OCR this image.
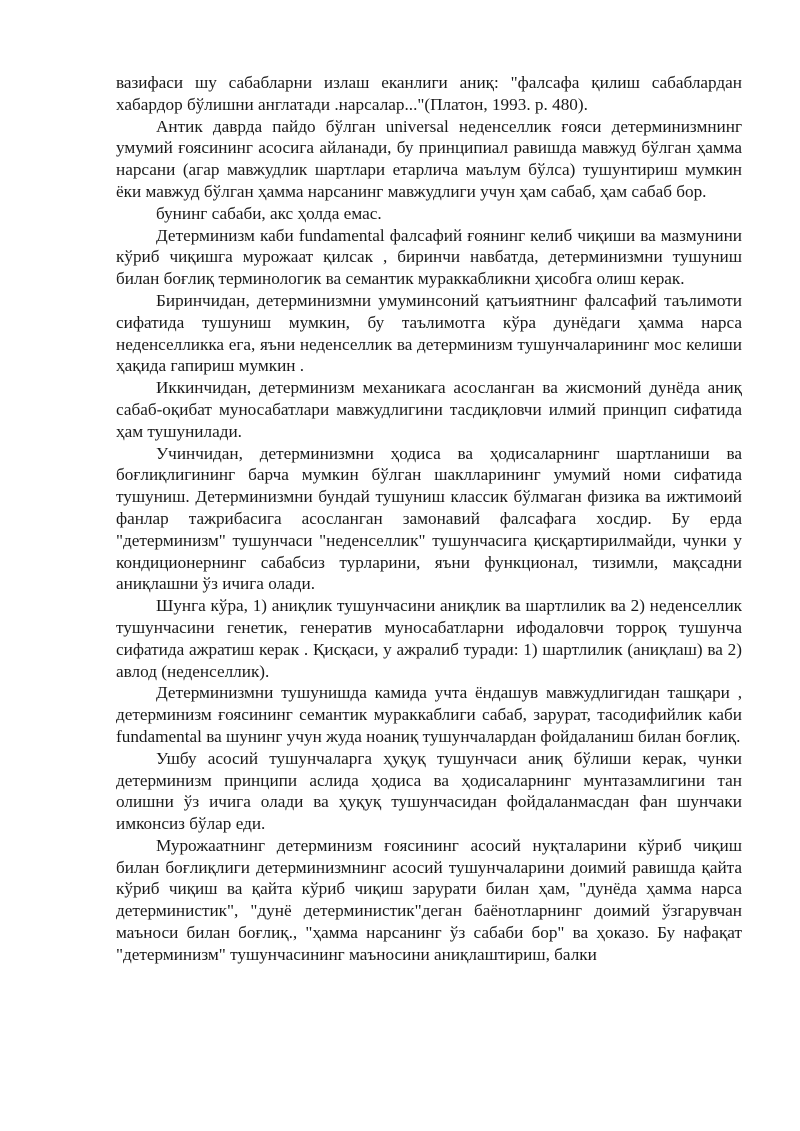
вазифаси шу сабабларни излаш еканлиги аниқ: "фалсафа қилиш сабаблардан хабардор бўлишни англатади .нарсалар..."(Платон, 1993. p. 480).

Антик даврда пайдо бўлган universal неденселлик ғояси детерминизмнинг умумий ғоясининг асосига айланади, бу принципиал равишда мавжуд бўлган ҳамма нарсани (агар мавжудлик шартлари етарлича маълум бўлса) тушунтириш мумкин ёки мавжуд бўлган ҳамма нарсанинг мавжудлиги учун ҳам сабаб, ҳам сабаб бор.

бунинг сабаби, акс ҳолда емас.

Детерминизм каби fundamental фалсафий ғоянинг келиб чиқиши ва мазмунини кўриб чиқишга мурожаат қилсак , биринчи навбатда, детерминизмни тушуниш билан боғлиқ терминологик ва семантик мураккабликни ҳисобга олиш керак.

Биринчидан, детерминизмни умуминсоний қатъиятнинг фалсафий таълимоти сифатида тушуниш мумкин, бу таълимотга кўра дунёдаги ҳамма нарса неденселликка ега, яъни неденселлик ва детерминизм тушунчаларининг мос келиши ҳақида гапириш мумкин .

Иккинчидан, детерминизм механикага асосланган ва жисмоний дунёда аниқ сабаб-оқибат муносабатлари мавжудлигини тасдиқловчи илмий принцип сифатида ҳам тушунилади.

Учинчидан, детерминизмни ҳодиса ва ҳодисаларнинг шартланиши ва боғлиқлигининг барча мумкин бўлган шаклларининг умумий номи сифатида тушуниш. Детерминизмни бундай тушуниш классик бўлмаган физика ва ижтимоий фанлар тажрибасига асосланган замонавий фалсафага хосдир. Бу ерда "детерминизм" тушунчаси "неденселлик" тушунчасига қисқартирилмайди, чунки у кондиционернинг сабабсиз турларини, яъни функционал, тизимли, мақсадни аниқлашни ўз ичига олади.

Шунга кўра, 1) аниқлик тушунчасини аниқлик ва шартлилик ва 2) неденселлик тушунчасини генетик, генератив муносабатларни ифодаловчи торроқ тушунча сифатида ажратиш керак . Қисқаси, у ажралиб туради: 1) шартлилик (аниқлаш) ва 2) авлод (неденселлик).

Детерминизмни тушунишда камида учта ёндашув мавжудлигидан ташқари , детерминизм ғоясининг семантик мураккаблиги сабаб, зарурат, тасодифийлик каби fundamental ва шунинг учун жуда ноаниқ тушунчалардан фойдаланиш билан боғлиқ.

Ушбу асосий тушунчаларга ҳуқуқ тушунчаси аниқ бўлиши керак, чунки детерминизм принципи аслида ҳодиса ва ҳодисаларнинг мунтазамлигини тан олишни ўз ичига олади ва ҳуқуқ тушунчасидан фойдаланмасдан фан шунчаки имконсиз бўлар еди.

Мурожаатнинг детерминизм ғоясининг асосий нуқталарини кўриб чиқиш билан боғлиқлиги детерминизмнинг асосий тушунчаларини доимий равишда қайта кўриб чиқиш ва қайта кўриб чиқиш зарурати билан ҳам, "дунёда ҳамма нарса детерминистик", "дунё детерминистик"деган баёнотларнинг доимий ўзгарувчан маъноси билан боғлиқ., "ҳамма нарсанинг ўз сабаби бор" ва ҳоказо. Бу нафақат "детерминизм" тушунчасининг маъносини аниқлаштириш, балки
